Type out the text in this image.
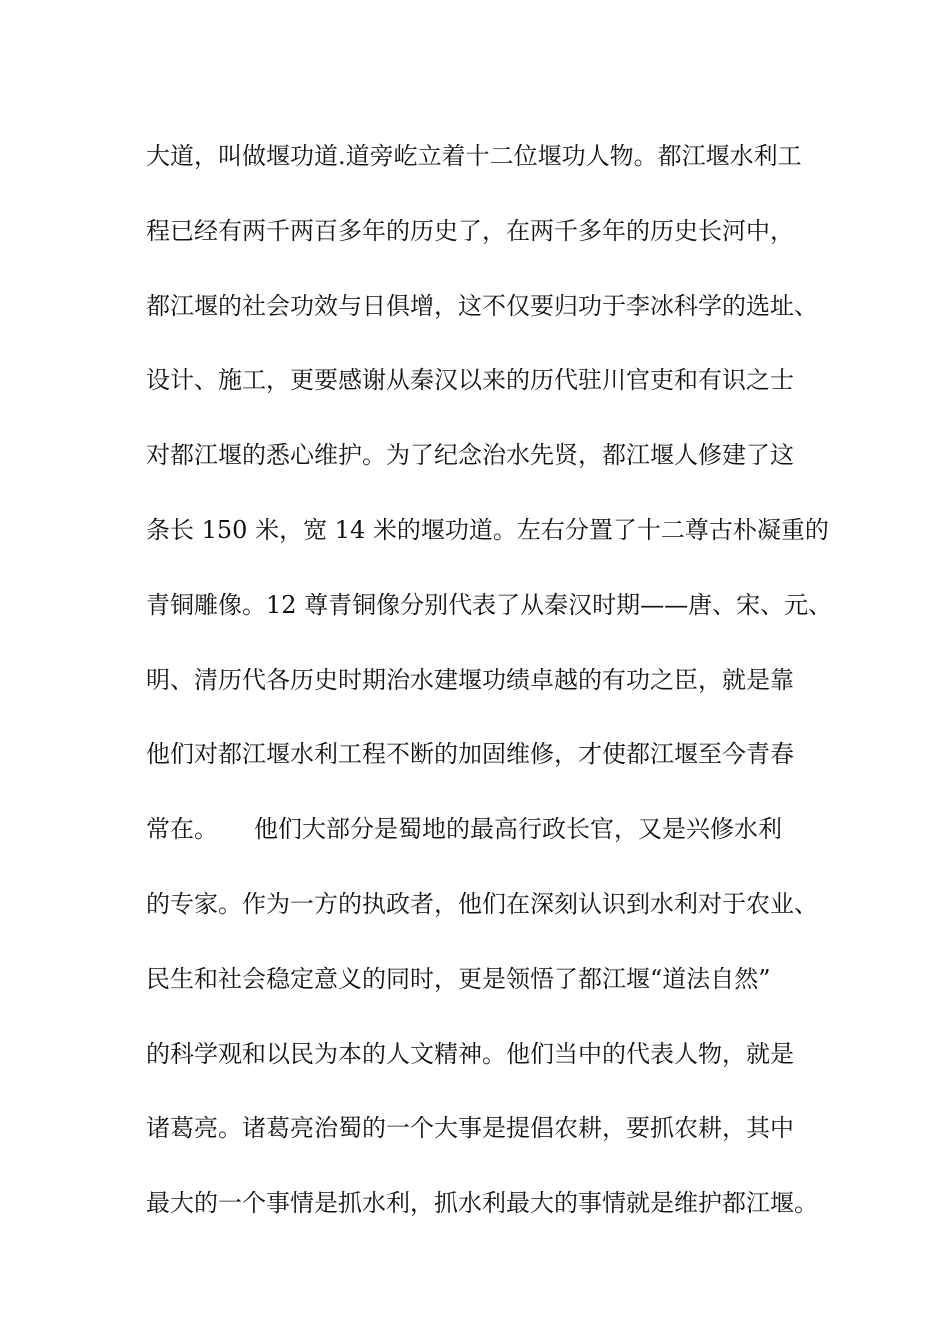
大道，叫做堰功道.道旁屹立着十二位堰功人物。都江堰水利工
程已经有两千两百多年的历史了，在两千多年的历史长河中，
都江堰的社会功效与日俱增，这不仅要归功于李冰科学的选址、
设计、施工，更要感谢从秦汉以来的历代驻川官吏和有识之士
对都江堰的悉心维护。为了纪念治水先贤，都江堰人修建了这
条长 150 米，宽 14 米的堰功道。左右分置了十二尊古朴凝重的
青铜雕像。12 尊青铜像分别代表了从秦汉时期——唐、宋、元、
明、清历代各历史时期治水建堰功绩卓越的有功之臣，就是靠
他们对都江堰水利工程不断的加固维修，才使都江堰至今青春
常在。　　他们大部分是蜀地的最高行政长官，又是兴修水利
的专家。作为一方的执政者，他们在深刻认识到水利对于农业、
民生和社会稳定意义的同时，更是领悟了都江堰“道法自然”
的科学观和以民为本的人文精神。他们当中的代表人物，就是
诸葛亮。诸葛亮治蜀的一个大事是提倡农耕，要抓农耕，其中
最大的一个事情是抓水利，抓水利最大的事情就是维护都江堰。
